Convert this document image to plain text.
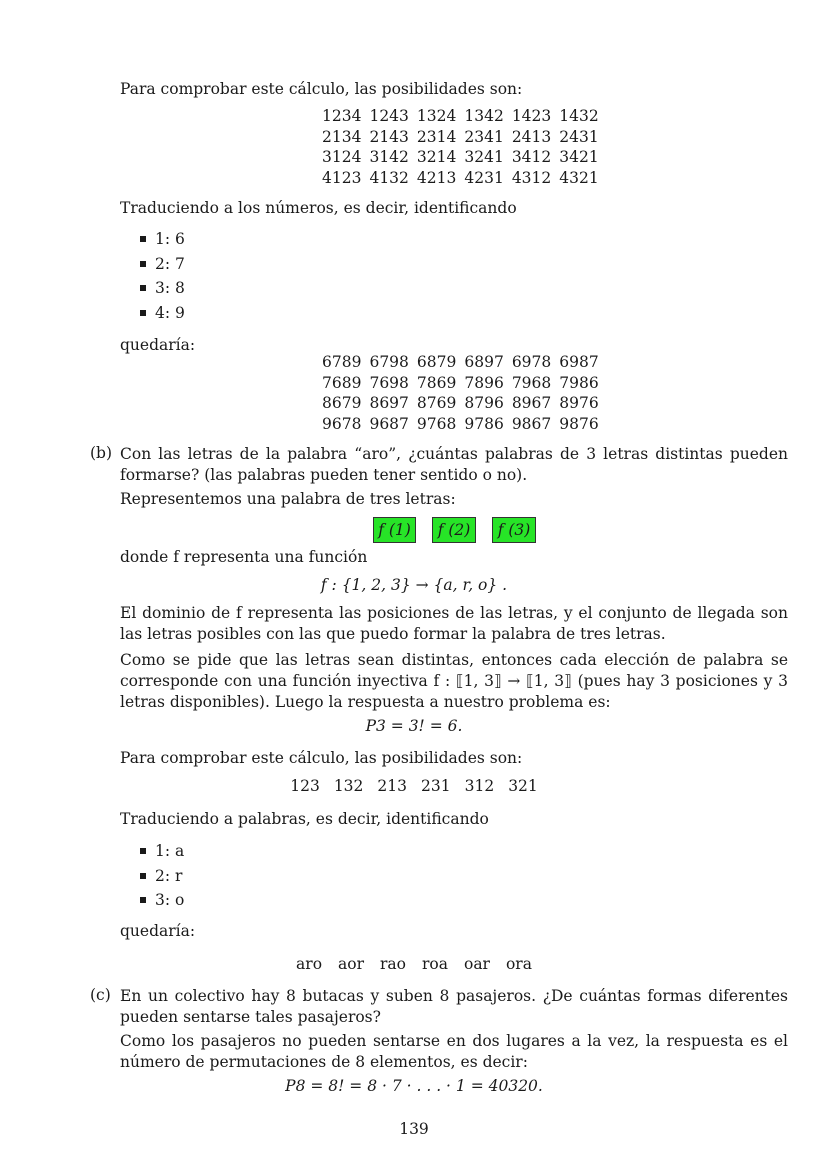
Para comprobar este cálculo, las posibilidades son:
1234	1243	1324	1342	1423	1432
2134	2143	2314	2341	2413	2431
3124	3142	3214	3241	3412	3421
4123	4132	4213	4231	4312	4321
Traduciendo a los números, es decir, identificando
1: 6
2: 7
3: 8
4: 9
quedaría:
6789	6798	6879	6897	6978	6987
7689	7698	7869	7896	7968	7986
8679	8697	8769	8796	8967	8976
9678	9687	9768	9786	9867	9876
(b) Con las letras de la palabra “aro”, ¿cuántas palabras de 3 letras distintas pueden formarse? (las palabras pueden tener sentido o no).
Representemos una palabra de tres letras:
f (1)	f (2)	f (3)
donde f representa una función
f : {1, 2, 3} → {a, r, o} .
El dominio de f representa las posiciones de las letras, y el conjunto de llegada son las letras posibles con las que puedo formar la palabra de tres letras.
Como se pide que las letras sean distintas, entonces cada elección de palabra se corresponde con una función inyectiva f : ⟦1, 3⟧ → ⟦1, 3⟧ (pues hay 3 posiciones y 3 letras disponibles). Luego la respuesta a nuestro problema es:
P3 = 3! = 6.
Para comprobar este cálculo, las posibilidades son:
123 132 213 231 312 321
Traduciendo a palabras, es decir, identificando
1: a
2: r
3: o
quedaría:
aro aor rao roa oar ora
(c) En un colectivo hay 8 butacas y suben 8 pasajeros. ¿De cuántas formas diferentes pueden sentarse tales pasajeros?
Como los pasajeros no pueden sentarse en dos lugares a la vez, la respuesta es el número de permutaciones de 8 elementos, es decir:
P8 = 8! = 8 · 7 · . . . · 1 = 40320.
139
